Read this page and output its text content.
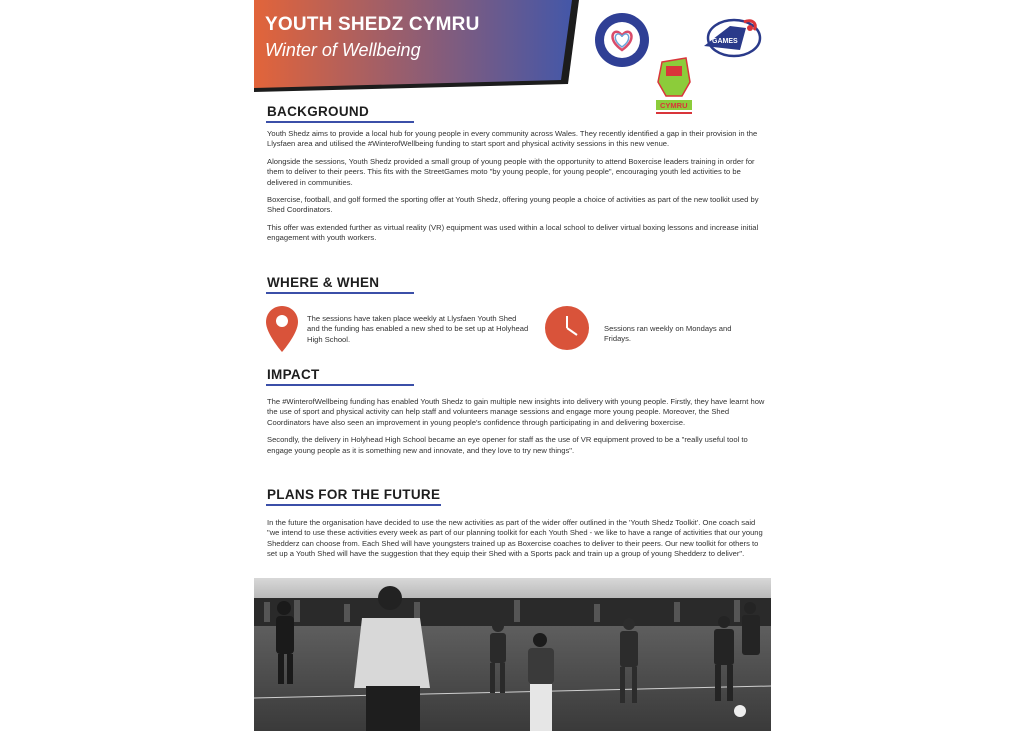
YOUTH SHEDZ CYMRU
Winter of Wellbeing	GAMES
CYMRU
BACKGROUND

Youth Shedz aims to provide a local hub for young people in every community across Wales. They recently identified a gap in their provision in the Llysfaen area and utilised the #WinterofWellbeing funding to start sport and physical activity sessions in this new venue.

Alongside the sessions, Youth Shedz provided a small group of young people with the opportunity to attend Boxercise leaders training in order for them to deliver to their peers. This fits with the StreetGames moto "by young people, for young people", encouraging youth led activities to be delivered in communities.

Boxercise, football, and golf formed the sporting offer at Youth Shedz, offering young people a choice of activities as part of the new toolkit used by Shed Coordinators.

This offer was extended further as virtual reality (VR) equipment was used within a local school to deliver virtual boxing lessons and increase initial engagement with youth workers.

WHERE & WHEN
The sessions have taken place weekly at Llysfaen Youth Shed and the funding has enabled a new shed to be set up at Holyhead High School.
Sessions ran weekly on Mondays and Fridays.
IMPACT

The #WinterofWellbeing funding has enabled Youth Shedz to gain multiple new insights into delivery with young people. Firstly, they have learnt how the use of sport and physical activity can help staff and volunteers manage sessions and engage more young people. Moreover, the Shed Coordinators have also seen an improvement in young people's confidence through participating in and delivering boxercise.

Secondly, the delivery in Holyhead High School became an eye opener for staff as the use of VR equipment proved to be a "really useful tool to engage young people as it is something new and innovate, and they love to try new things".

PLANS FOR THE FUTURE

In the future the organisation have decided to use the new activities as part of the wider offer outlined in the 'Youth Shedz Toolkit'. One coach said "we intend to use these activities every week as part of our planning toolkit for each Youth Shed - we like to have a range of activities that our young Shedderz can choose from. Each Shed will have youngsters trained up as Boxercise coaches to deliver to their peers. Our new toolkit for others to set up a Youth Shed will have the suggestion that they equip their Shed with a Sports pack and train up a group of young Shedderz to deliver".
